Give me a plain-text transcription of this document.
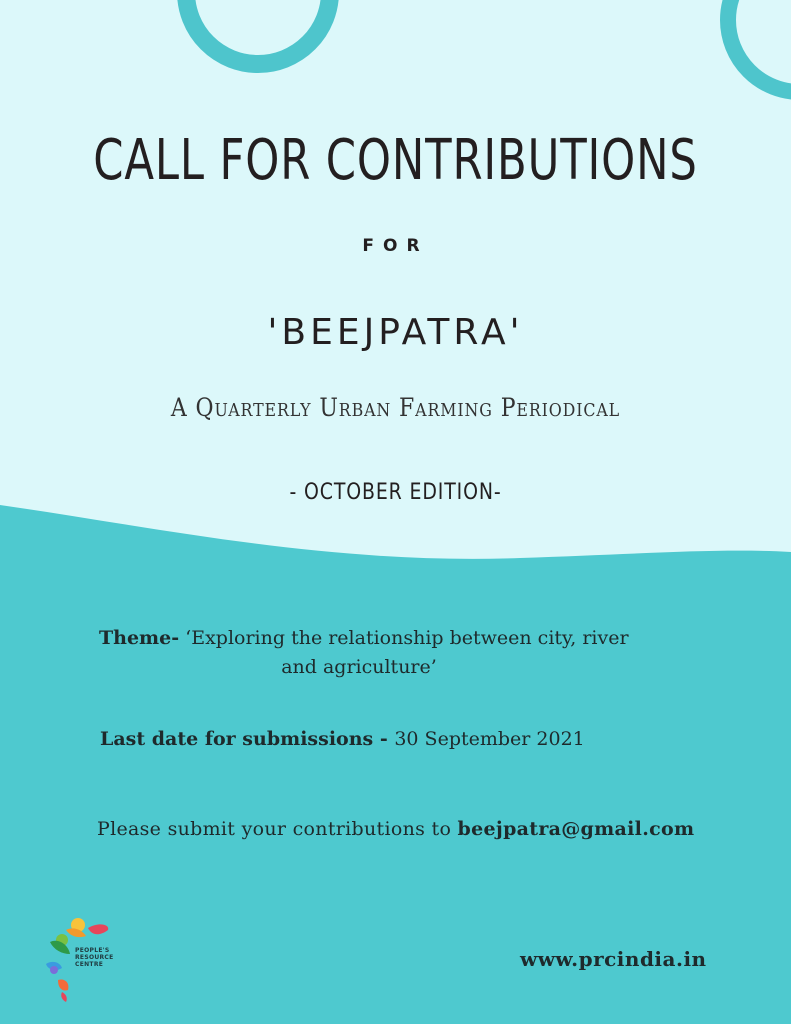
CALL FOR CONTRIBUTIONS
FOR
'BEEJPATRA'
A Quarterly Urban Farming Periodical
- OCTOBER EDITION-
Theme- ‘Exploring the relationship between city, river
and agriculture’
Last date for submissions - 30 September 2021
Please submit your contributions to beejpatra@gmail.com
PEOPLE'S
RESOURCE
CENTRE	www.prcindia.in
